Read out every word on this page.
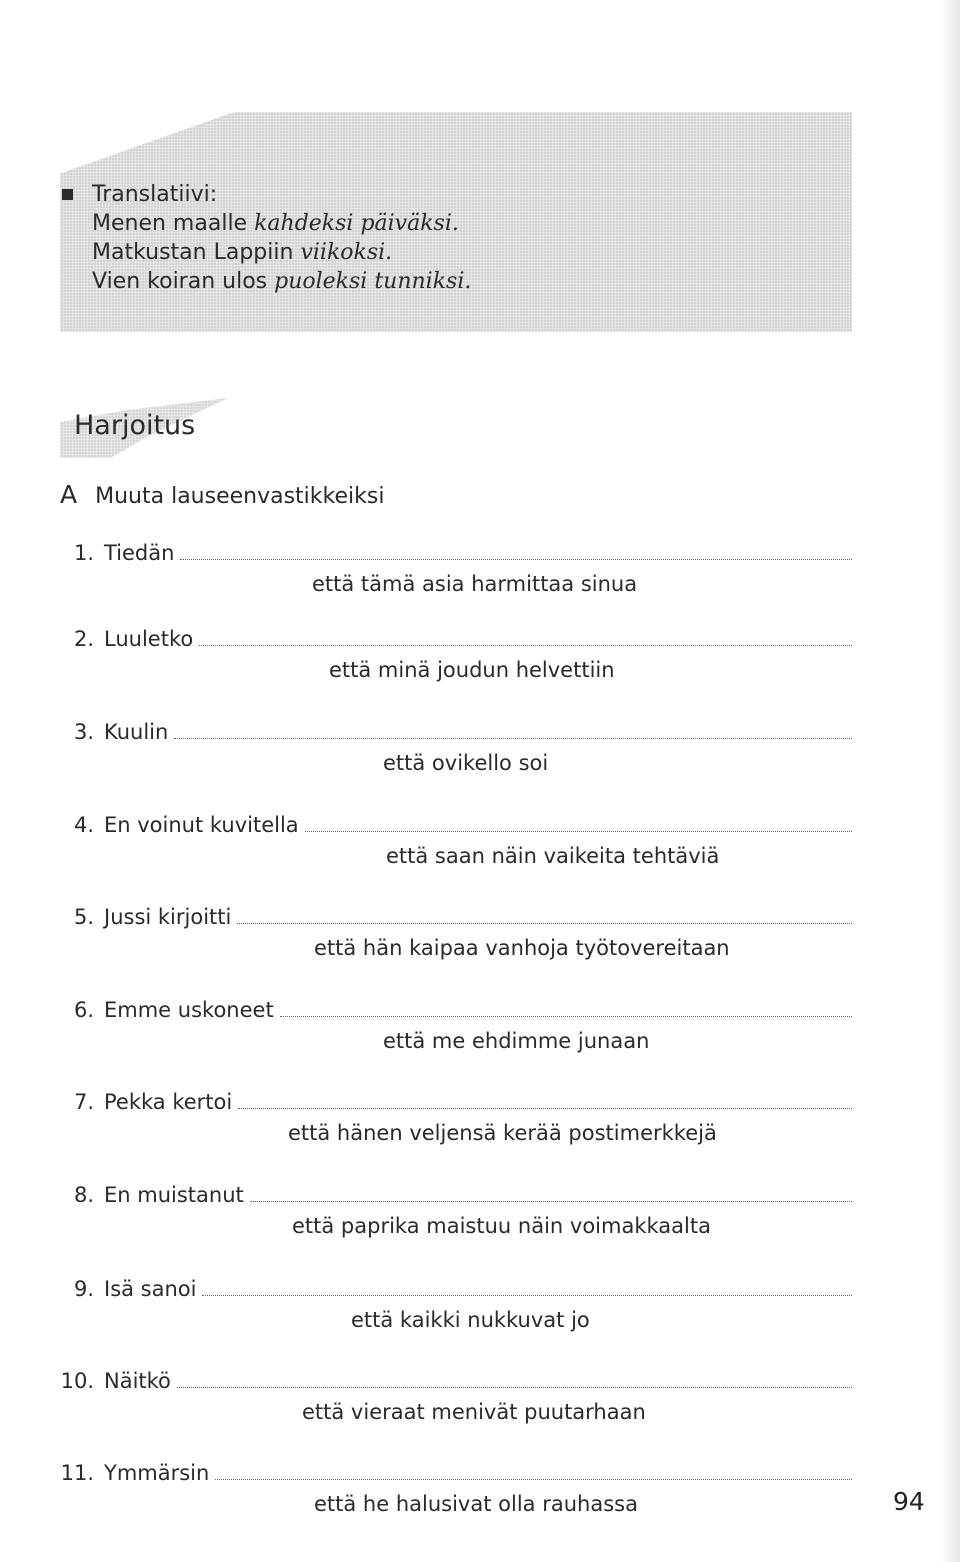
Translatiivi:
Menen maalle kahdeksi päiväksi.
Matkustan Lappiin viikoksi.
Vien koiran ulos puoleksi tunniksi.
Harjoitus
A Muuta lauseenvastikkeiksi
1. Tiedän
että tämä asia harmittaa sinua
2. Luuletko
että minä joudun helvettiin
3. Kuulin
että ovikello soi
4. En voinut kuvitella
että saan näin vaikeita tehtäviä
5. Jussi kirjoitti
että hän kaipaa vanhoja työtovereitaan
6. Emme uskoneet
että me ehdimme junaan
7. Pekka kertoi
että hänen veljensä kerää postimerkkejä
8. En muistanut
että paprika maistuu näin voimakkaalta
9. Isä sanoi
että kaikki nukkuvat jo
10. Näitkö
että vieraat menivät puutarhaan
11. Ymmärsin
että he halusivat olla rauhassa	94
